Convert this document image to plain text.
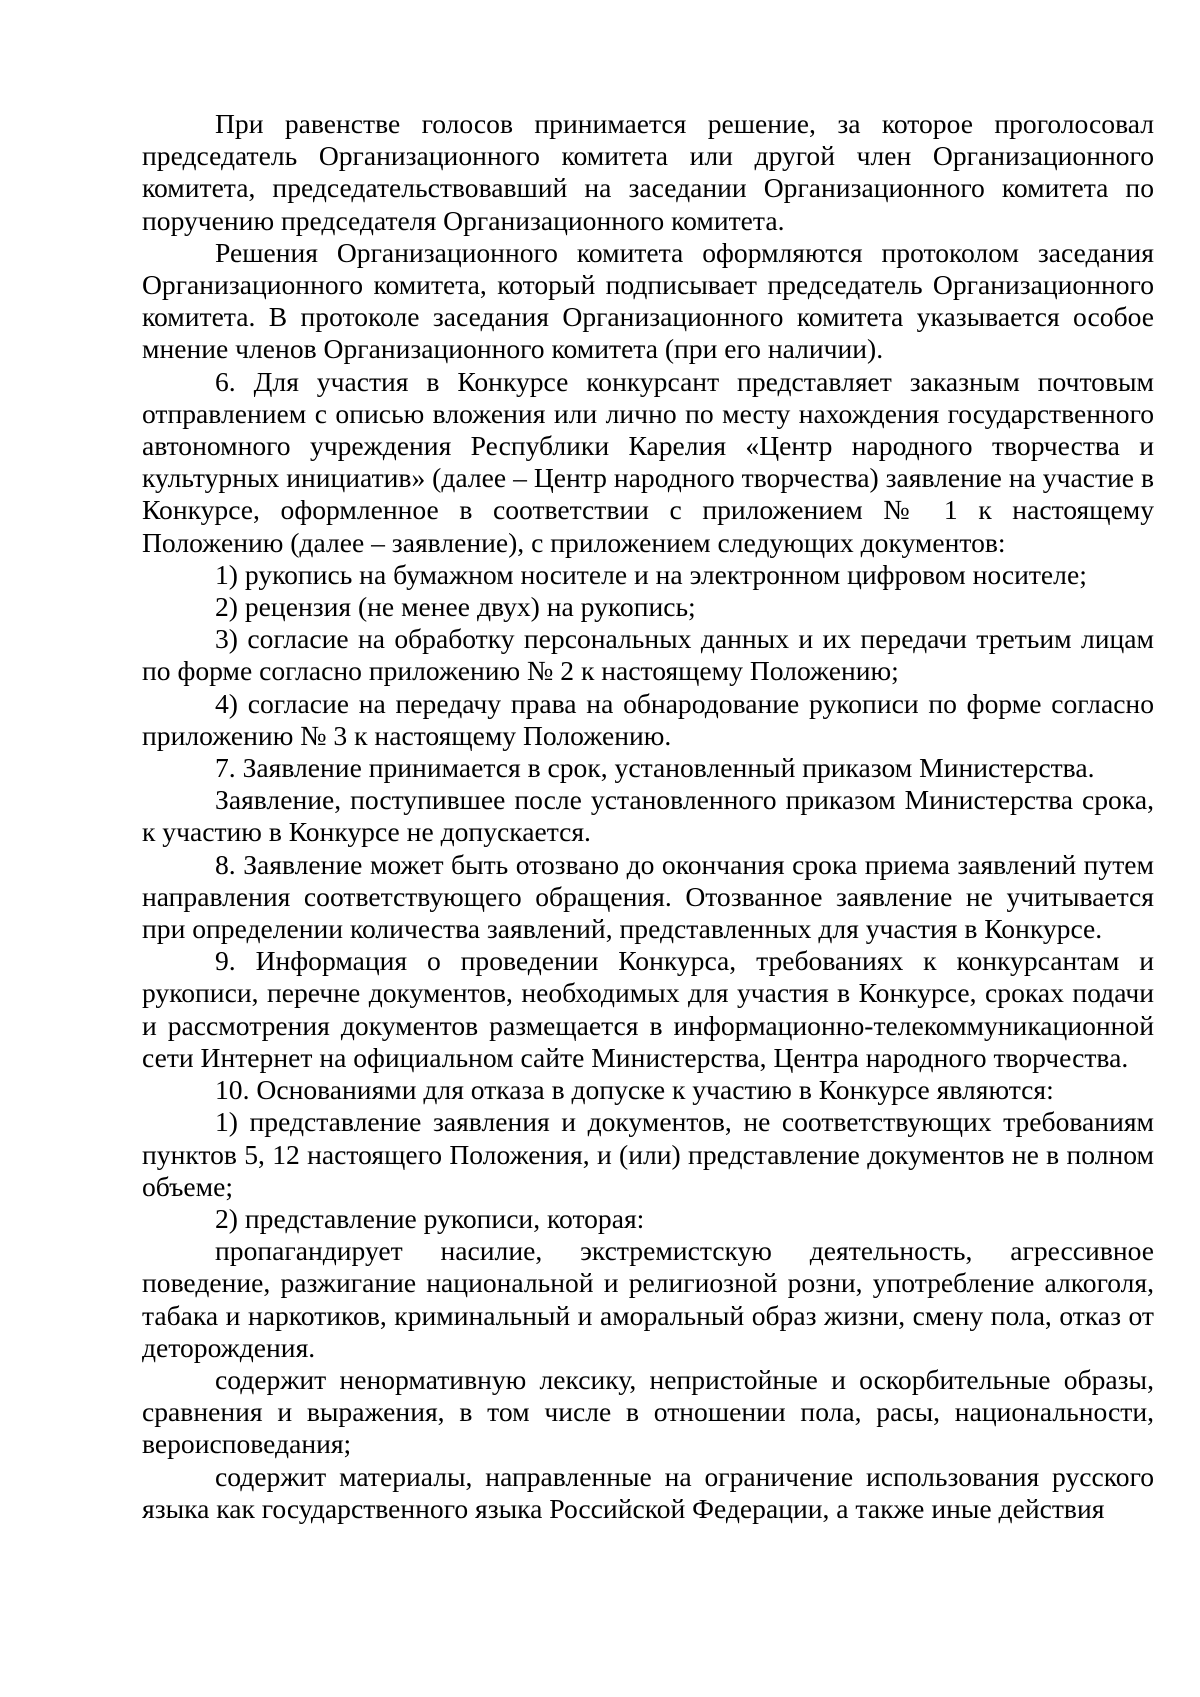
При равенстве голосов принимается решение, за которое проголосовал председатель Организационного комитета или другой член Организационного комитета, председательствовавший на заседании Организационного комитета по поручению председателя Организационного комитета.

Решения Организационного комитета оформляются протоколом заседания Организационного комитета, который подписывает председатель Организационного комитета. В протоколе заседания Организационного комитета указывается особое мнение членов Организационного комитета (при его наличии).

6. Для участия в Конкурсе конкурсант представляет заказным почтовым отправлением с описью вложения или лично по месту нахождения государственного автономного учреждения Республики Карелия «Центр народного творчества и культурных инициатив» (далее – Центр народного творчества) заявление на участие в Конкурсе, оформленное в соответствии с приложением № 1 к настоящему Положению (далее – заявление), с приложением следующих документов:

1) рукопись на бумажном носителе и на электронном цифровом носителе;

2) рецензия (не менее двух) на рукопись;

3) согласие на обработку персональных данных и их передачи третьим лицам по форме согласно приложению № 2 к настоящему Положению;

4) согласие на передачу права на обнародование рукописи по форме согласно приложению № 3 к настоящему Положению.

7. Заявление принимается в срок, установленный приказом Министерства.

Заявление, поступившее после установленного приказом Министерства срока, к участию в Конкурсе не допускается.

8. Заявление может быть отозвано до окончания срока приема заявлений путем направления соответствующего обращения. Отозванное заявление не учитывается при определении количества заявлений, представленных для участия в Конкурсе.

9. Информация о проведении Конкурса, требованиях к конкурсантам и рукописи, перечне документов, необходимых для участия в Конкурсе, сроках подачи и рассмотрения документов размещается в информационно-телекоммуникационной сети Интернет на официальном сайте Министерства, Центра народного творчества.

10. Основаниями для отказа в допуске к участию в Конкурсе являются:

1) представление заявления и документов, не соответствующих требованиям пунктов 5, 12 настоящего Положения, и (или) представление документов не в полном объеме;

2) представление рукописи, которая:

пропагандирует насилие, экстремистскую деятельность, агрессивное поведение, разжигание национальной и религиозной розни, употребление алкоголя, табака и наркотиков, криминальный и аморальный образ жизни, смену пола, отказ от деторождения.

содержит ненормативную лексику, непристойные и оскорбительные образы, сравнения и выражения, в том числе в отношении пола, расы, национальности, вероисповедания;

содержит материалы, направленные на ограничение использования русского языка как государственного языка Российской Федерации, а также иные действия
